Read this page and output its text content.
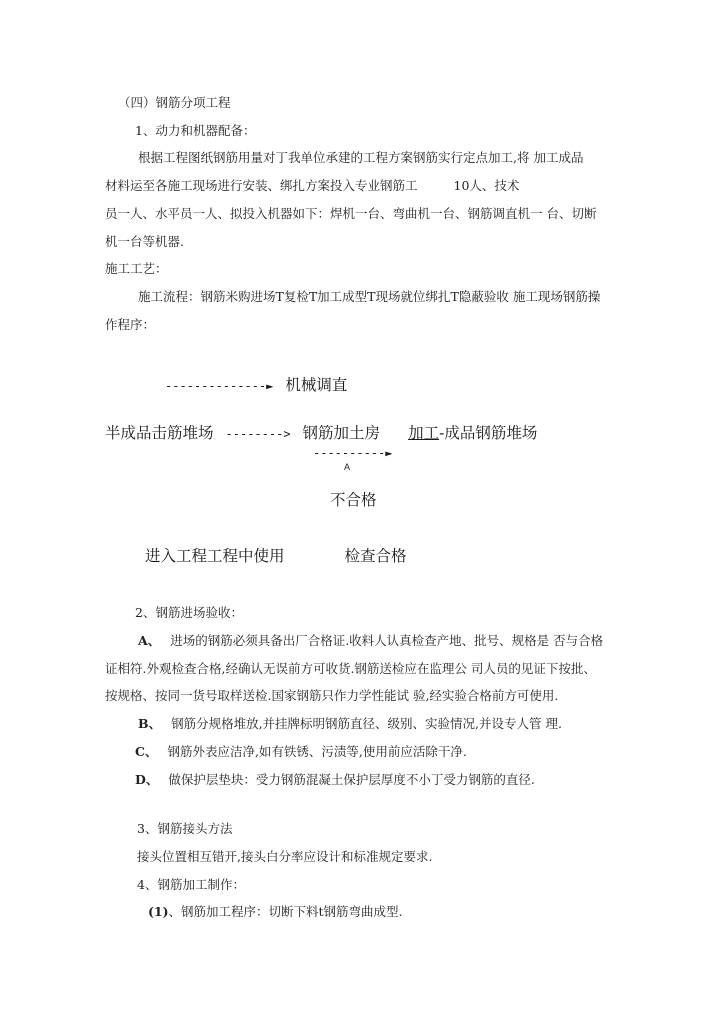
（四）钢筋分项工程
1、动力和机器配备：
根据工程图纸钢筋用量对丁我单位承建的工程方案钢筋实行定点加工,将 加工成品
材料运至各施工现场进行安装、绑扎方案投入专业钢筋工	10人、技术
员一人、水平员一人、拟投入机器如下：焊机一台、弯曲机一台、钢筋调直机一 台、切断
机一台等机器.
施工工艺：
施工流程：钢筋米购进场T复检T加工成型T现场就位绑扎T隐蔽验收 施工现场钢筋操
作程序：
--------------► 机械调直
半成品击筋堆场 --------> 钢筋加土房 加工-成品钢筋堆场
----------►
A
不合格
进入工程工程中使用	检查合格
2、钢筋进场验收：
A、 进场的钢筋必须具备出厂合格证.收料人认真检查产地、批号、规格是 否与合格
证相符.外观检查合格,经确认无误前方可收货.钢筋送检应在监理公 司人员的见证下按批、
按规格、按同一货号取样送检.国家钢筋只作力学性能试 验,经实验合格前方可使用.
B、 钢筋分规格堆放,并挂牌标明钢筋直径、级别、实验情况,并设专人管 理.
C、 钢筋外表应洁净,如有铁锈、污渍等,使用前应活除干净.
D、 做保护层垫块：受力钢筋混凝土保护层厚度不小丁受力钢筋的直径.
3、钢筋接头方法
接头位置相互错开,接头白分率应设计和标准规定要求.
4、钢筋加工制作：
(1)、钢筋加工程序：切断下料t钢筋弯曲成型.
